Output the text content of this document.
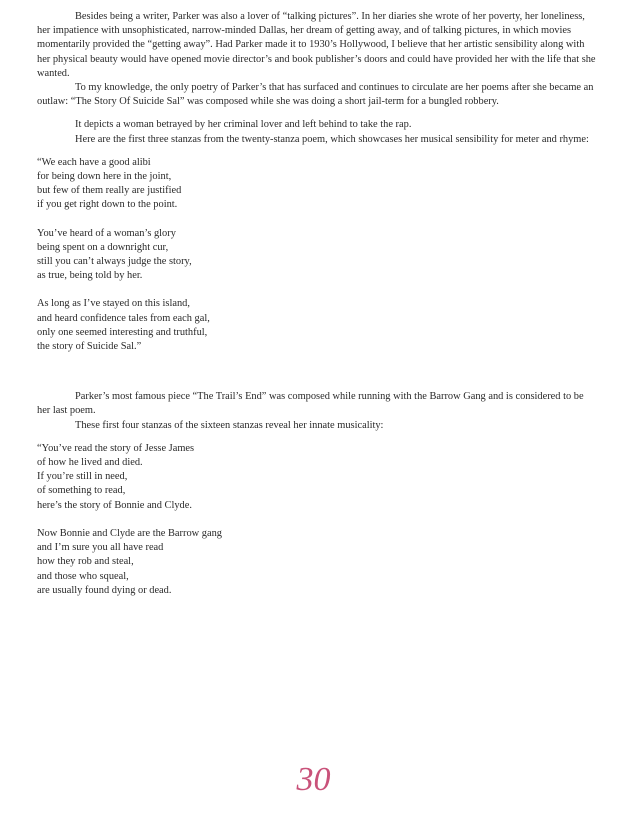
Besides being a writer, Parker was also a lover of “talking pictures”. In her diaries she wrote of her poverty, her loneliness, her impatience with unsophisticated, narrow-minded Dallas, her dream of getting away, and of talking pictures, in which movies momentarily provided the “getting away”. Had Parker made it to 1930’s Hollywood, I believe that her artistic sensibility along with her physical beauty would have opened movie director’s and book publisher’s doors and could have provided her with the life that she wanted.

To my knowledge, the only poetry of Parker’s that has surfaced and continues to circulate are her poems after she became an outlaw: “The Story Of Suicide Sal” was composed while she was doing a short jail-term for a bungled robbery.

It depicts a woman betrayed by her criminal lover and left behind to take the rap.

Here are the first three stanzas from the twenty-stanza poem, which showcases her musical sensibility for meter and rhyme:

“We each have a good alibi
for being down here in the joint,
but few of them really are justified
if you get right down to the point.
You’ve heard of a woman’s glory
being spent on a downright cur,
still you can’t always judge the story,
as true, being told by her.
As long as I’ve stayed on this island,
and heard confidence tales from each gal,
only one seemed interesting and truthful,
the story of Suicide Sal.”

Parker’s most famous piece “The Trail’s End” was composed while running with the Barrow Gang and is considered to be her last poem.

These first four stanzas of the sixteen stanzas reveal her innate musicality:

“You’ve read the story of Jesse James
of how he lived and died.
If you’re still in need,
of something to read,
here’s the story of Bonnie and Clyde.
Now Bonnie and Clyde are the Barrow gang
and I’m sure you all have read
how they rob and steal,
and those who squeal,
are usually found dying or dead.
30
